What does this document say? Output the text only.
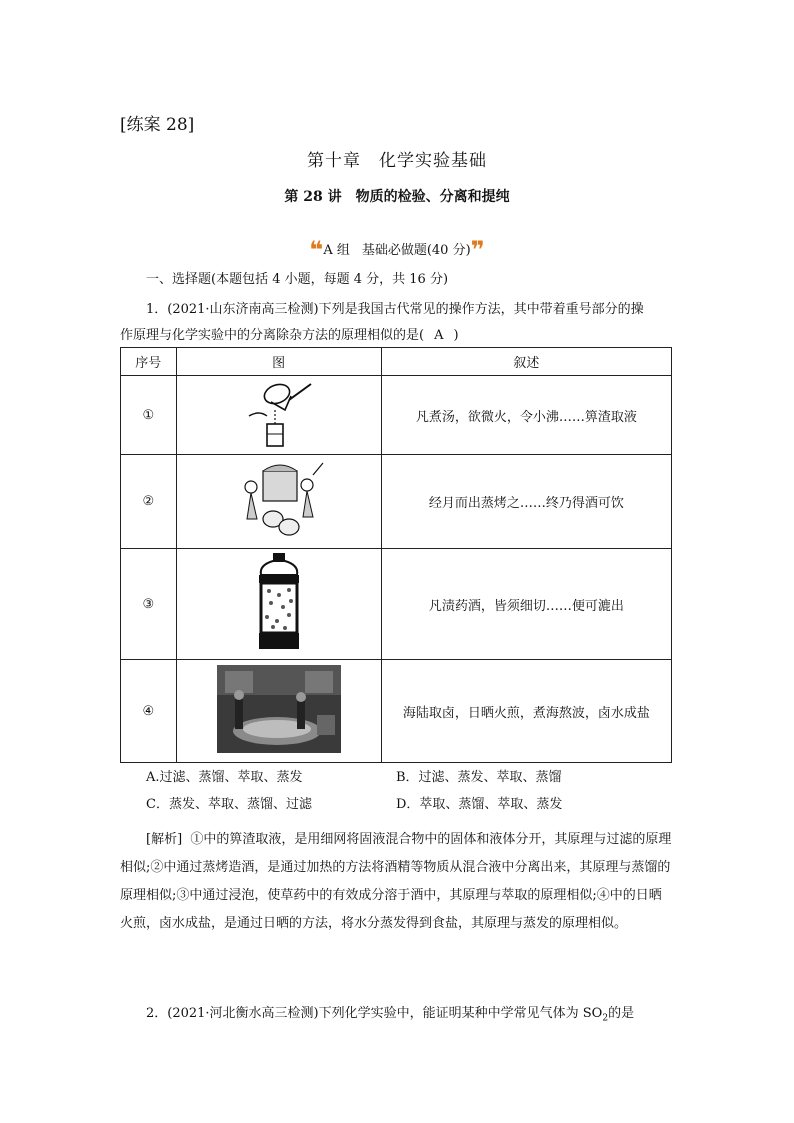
[练案 28]
第十章 化学实验基础
第 28 讲 物质的检验、分离和提纯
❝A 组 基础必做题(40 分)❞
一、选择题(本题包括 4 小题，每题 4 分，共 16 分)
1．(2021·山东济南高三检测)下列是我国古代常见的操作方法，其中带着重号部分的操
作原理与化学实验中的分离除杂方法的原理相似的是( A )
序号	图	叙述
①		凡煮汤，欲微火，令小沸……箅渣取液
②		经月而出蒸烤之……终乃得酒可饮
③		凡渍药酒，皆须细切……便可漉出
④		海陆取卤，日晒火煎，煮海熬波，卤水成盐
A.过滤、蒸馏、萃取、蒸发	B．过滤、蒸发、萃取、蒸馏
C．蒸发、萃取、蒸馏、过滤	D．萃取、蒸馏、萃取、蒸发

[解析] ①中的箅渣取液，是用细网将固液混合物中的固体和液体分开，其原理与过滤的原理相似;②中通过蒸烤造酒，是通过加热的方法将酒精等物质从混合液中分离出来，其原理与蒸馏的原理相似;③中通过浸泡，使草药中的有效成分溶于酒中，其原理与萃取的原理相似;④中的日晒火煎，卤水成盐，是通过日晒的方法，将水分蒸发得到食盐，其原理与蒸发的原理相似。

2．(2021·河北衡水高三检测)下列化学实验中，能证明某种中学常见气体为 $SO_2$的是
